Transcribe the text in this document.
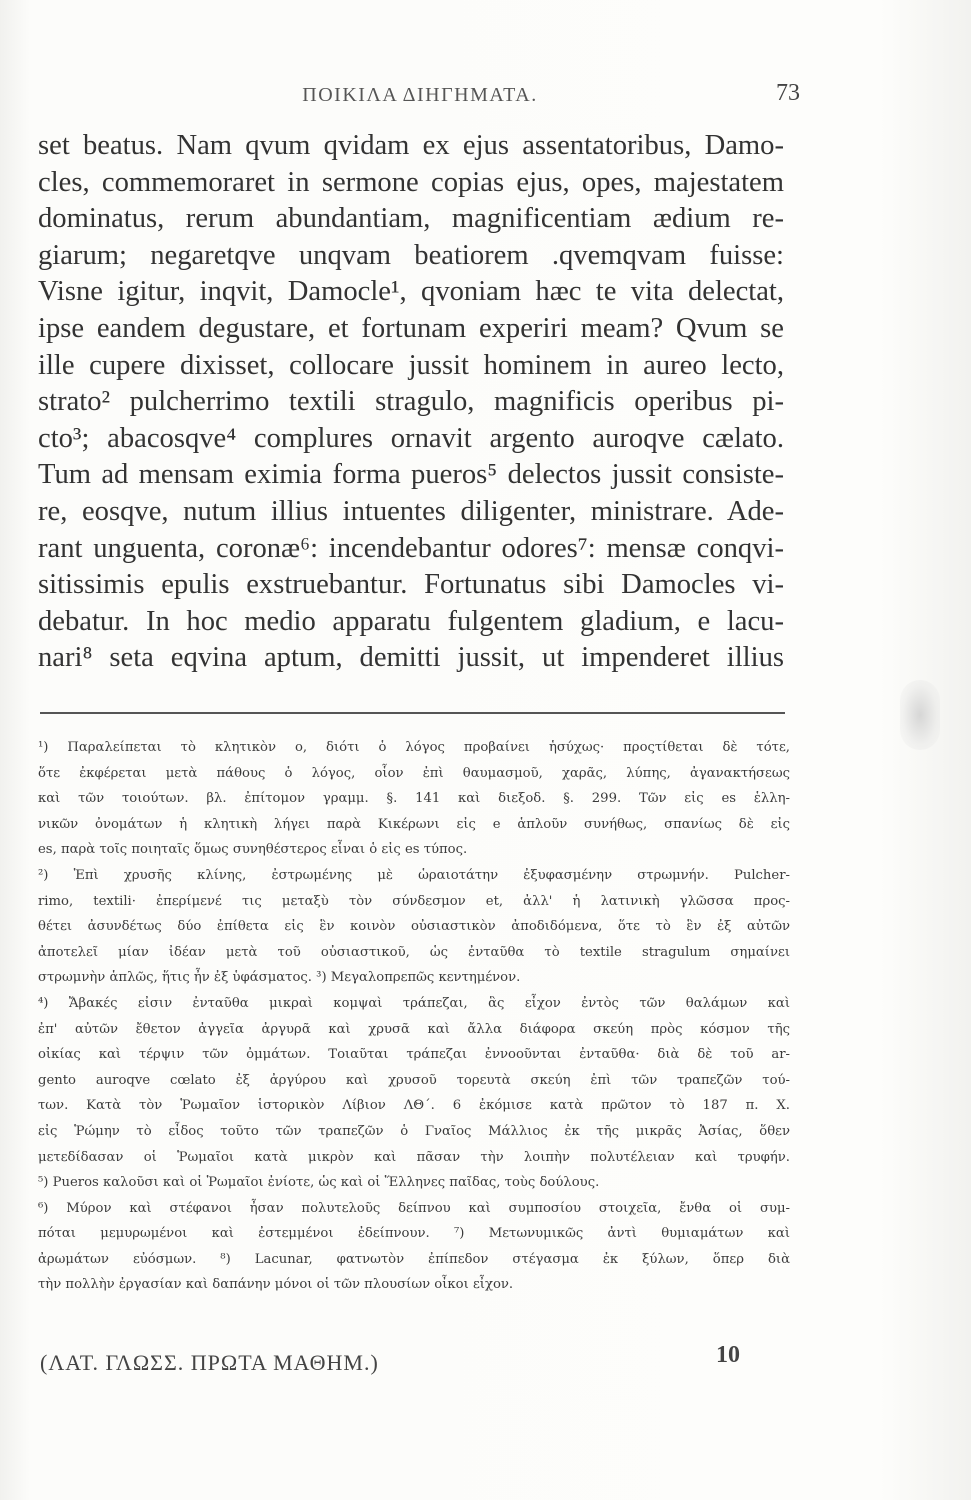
ΠΟΙΚΙΛΑ ΔΙΗΓΗΜΑΤΑ.	73
set beatus. Nam qvum qvidam ex ejus assentatoribus, Damo-
cles, commemoraret in sermone copias ejus, opes, majestatem
dominatus, rerum abundantiam, magnificentiam ædium re-
giarum; negaretqve unqvam beatiorem .qvemqvam fuisse:
Visne igitur, inqvit, Damocle¹, qvoniam hæc te vita delectat,
ipse eandem degustare, et fortunam experiri meam? Qvum se
ille cupere dixisset, collocare jussit hominem in aureo lecto,
strato² pulcherrimo textili stragulo, magnificis operibus pi-
cto³; abacosqve⁴ complures ornavit argento auroqve cælato.
Tum ad mensam eximia forma pueros⁵ delectos jussit consiste-
re, eosqve, nutum illius intuentes diligenter, ministrare. Ade-
rant unguenta, coronæ⁶: incendebantur odores⁷: mensæ conqvi-
sitissimis epulis exstruebantur. Fortunatus sibi Damocles vi-
debatur. In hoc medio apparatu fulgentem gladium, e lacu-
nari⁸ seta eqvina aptum, demitti jussit, ut impenderet illius
¹) Παραλείπεται τὸ κλητικὸν ο, διότι ὁ λόγος προβαίνει ἡσύχως· προςτίθεται δὲ τότε,
ὅτε ἐκφέρεται μετὰ πάθους ὁ λόγος, οἷον ἐπὶ θαυμασμοῦ, χαρᾶς, λύπης, ἀγανακτήσεως
καὶ τῶν τοιούτων. βλ. ἐπίτομον γραμμ. §. 141 καὶ διεξοδ. §. 299. Τῶν εἰς es ἑλλη-
νικῶν ὀνομάτων ἡ κλητικὴ λήγει παρὰ Κικέρωνι εἰς e ἁπλοῦν συνήθως, σπανίως δὲ εἰς
es, παρὰ τοῖς ποιηταῖς ὅμως συνηθέστερος εἶναι ὁ εἰς es τύπος.
²) Ἐπὶ χρυσῆς κλίνης, ἐστρωμένης μὲ ὡραιοτάτην ἐξυφασμένην στρωμνήν. Pulcher-
rimo, textili· ἐπερίμενέ τις μεταξὺ τὸν σύνδεσμον et, ἀλλ' ἡ λατινικὴ γλῶσσα προς-
θέτει ἀσυνδέτως δύο ἐπίθετα εἰς ἓν κοινὸν οὐσιαστικὸν ἀποδιδόμενα, ὅτε τὸ ἓν ἐξ αὐτῶν
ἀποτελεῖ μίαν ἰδέαν μετὰ τοῦ οὐσιαστικοῦ, ὡς ἐνταῦθα τὸ textile stragulum σημαίνει
στρωμνὴν ἁπλῶς, ἥτις ἦν ἐξ ὑφάσματος. ³) Μεγαλοπρεπῶς κεντημένον.
⁴) Ἄβακές εἰσιν ἐνταῦθα μικραὶ κομψαὶ τράπεζαι, ἃς εἶχον ἐντὸς τῶν θαλάμων καὶ
ἐπ' αὐτῶν ἔθετον ἀγγεῖα ἀργυρᾶ καὶ χρυσᾶ καὶ ἄλλα διάφορα σκεύη πρὸς κόσμον τῆς
οἰκίας καὶ τέρψιν τῶν ὀμμάτων. Τοιαῦται τράπεζαι ἐννοοῦνται ἐνταῦθα· διὰ δὲ τοῦ ar-
gento auroqve cœlato ἐξ ἀργύρου καὶ χρυσοῦ τορευτὰ σκεύη ἐπὶ τῶν τραπεζῶν τού-
των. Κατὰ τὸν Ῥωμαῖον ἱστορικὸν Λίβιον ΛΘ΄. 6 ἐκόμισε κατὰ πρῶτον τὸ 187 π. Χ.
εἰς Ῥώμην τὸ εἶδος τοῦτο τῶν τραπεζῶν ὁ Γναῖος Μάλλιος ἐκ τῆς μικρᾶς Ἀσίας, ὅθεν
μετεδίδασαν οἱ Ῥωμαῖοι κατὰ μικρὸν καὶ πᾶσαν τὴν λοιπὴν πολυτέλειαν καὶ τρυφήν.
⁵) Pueros καλοῦσι καὶ οἱ Ῥωμαῖοι ἐνίοτε, ὡς καὶ οἱ Ἕλληνες παῖδας, τοὺς δούλους.
⁶) Μύρον καὶ στέφανοι ἦσαν πολυτελοῦς δείπνου καὶ συμποσίου στοιχεῖα, ἔνθα οἱ συμ-
πόται μεμυρωμένοι καὶ ἐστεμμένοι ἐδείπνουν. ⁷) Μετωνυμικῶς ἀντὶ θυμιαμάτων καὶ
ἀρωμάτων εὐόσμων. ⁸) Lacunar, φατνωτὸν ἐπίπεδον στέγασμα ἐκ ξύλων, ὅπερ διὰ
τὴν πολλὴν ἐργασίαν καὶ δαπάνην μόνοι οἱ τῶν πλουσίων οἶκοι εἶχον.
(ΛΑΤ. ΓΛΩΣΣ. ΠΡΩΤΑ ΜΑΘΗΜ.)	10
